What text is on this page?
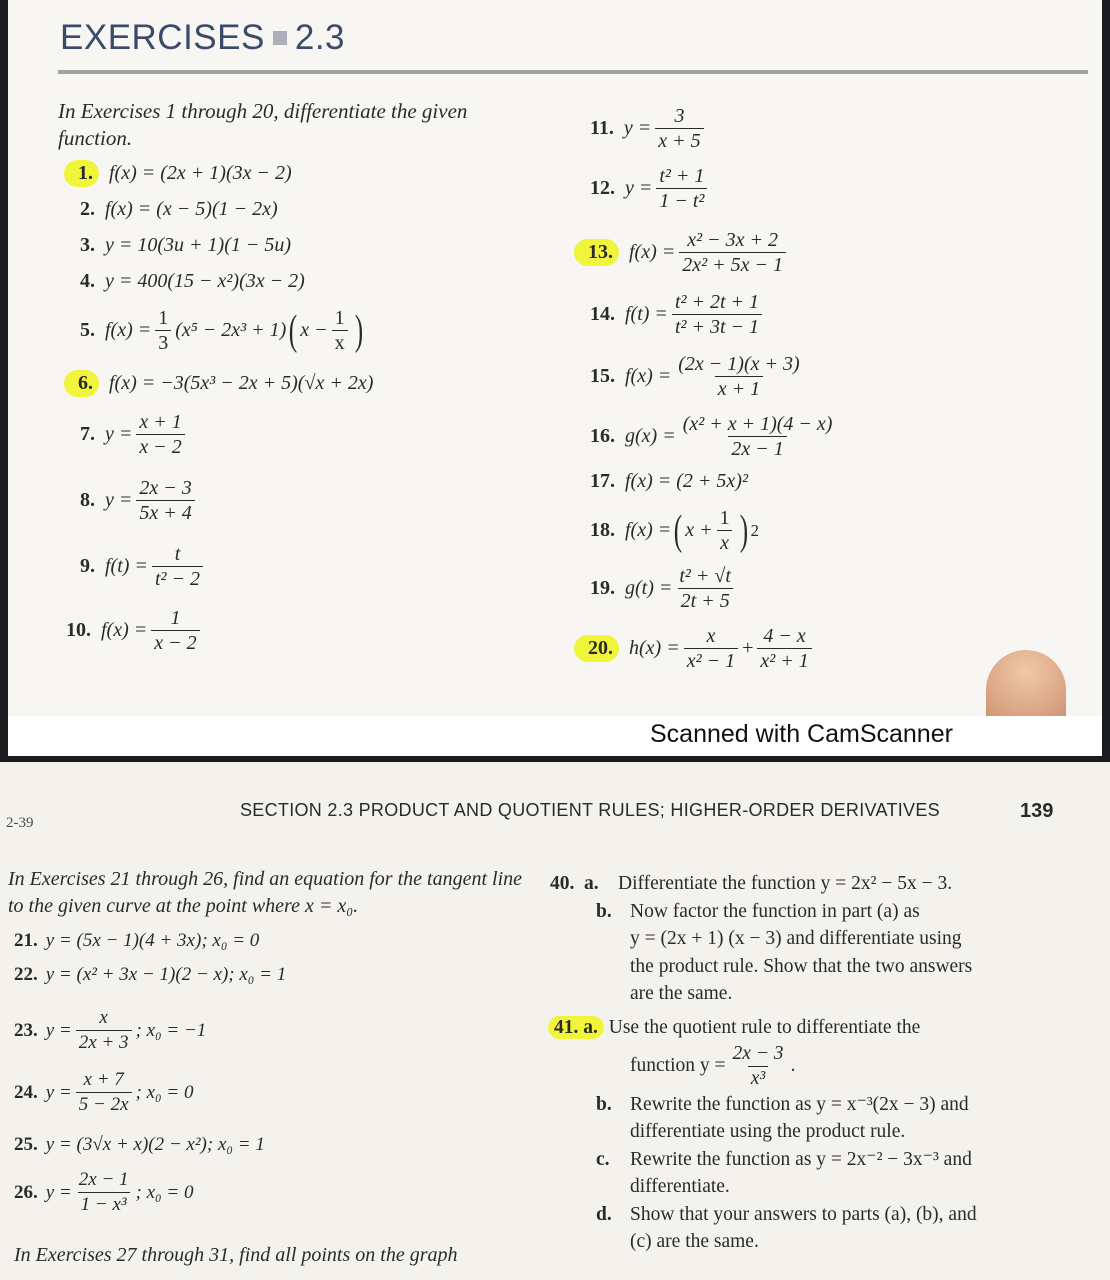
EXERCISES 2.3
In Exercises 1 through 20, differentiate the given function.
1. f(x) = (2x + 1)(3x − 2)
2. f(x) = (x − 5)(1 − 2x)
3. y = 10(3u + 1)(1 − 5u)
4. y = 400(15 − x²)(3x − 2)
5. $f(x) = \frac{1}{3} (x^5 - 2x^3 + 1)$ ( $x - \frac{1}{x}$ )
6. f(x) = −3(5x³ − 2x + 5)(√x + 2x)
7. $y = \frac{x + 1}{x - 2}$
8. $y = \frac{2x - 3}{5x + 4}$
9. $f(t) = \frac{t}{\text{t² − 2}}$
10. $f(x) = \frac{1}{x - 2}$
11. $y = \frac{3}{x + 5}$
12. $y = \frac{\text{t² + 1}}{\text{1 − t²}}$
13. $f(x) = \frac{\text{x² − 3x + 2}}{\text{2x² + 5x − 1}}$
14. $f(t) = \frac{\text{t² + 2t + 1}}{\text{t² + 3t − 1}}$
15. $f(x) = \frac{(2x - 1)(x + 3)}{x + 1}$
16. $g(x) = \frac{\text{(x² + x + 1)(4 − x)}}{2x - 1}$
17. f(x) = (2 + 5x)²
18. f(x) = ( $x + \frac{1}{x}$ ) 2
19. $g(t) = \frac{\text{t² + √t}}{2t + 5}$
20. $h(x) = \frac{x}{\text{x² − 1}} + \frac{4 - x}{\text{x² + 1}}$
Scanned with CamScanner
2-39
SECTION 2.3 PRODUCT AND QUOTIENT RULES; HIGHER-ORDER DERIVATIVES	139
In Exercises 21 through 26, find an equation for the tangent line to the given curve at the point where x = x₀.
21. y = (5x − 1)(4 + 3x); x₀ = 0
22. y = (x² + 3x − 1)(2 − x); x₀ = 1
23. $y = \frac{x}{2x + 3}$ ; x₀ = −1
24. $y = \frac{x + 7}{5 - 2x}$ ; x₀ = 0
25. y = (3√x + x)(2 − x²); x₀ = 1
26. $y = \frac{2x - 1}{\text{1 − x³}}$ ; x₀ = 0
In Exercises 27 through 31, find all points on the graph
40. a. Differentiate the function y = 2x² − 5x − 3.
b. Now factor the function in part (a) as
y = (2x + 1) (x − 3) and differentiate using
the product rule. Show that the two answers
are the same.
41. a. Use the quotient rule to differentiate the
function $y = \frac{2x - 3}{\text{x³}}$ .
b. Rewrite the function as y = x⁻³(2x − 3) and
differentiate using the product rule.
c. Rewrite the function as y = 2x⁻² − 3x⁻³ and
differentiate.
d. Show that your answers to parts (a), (b), and
(c) are the same.
